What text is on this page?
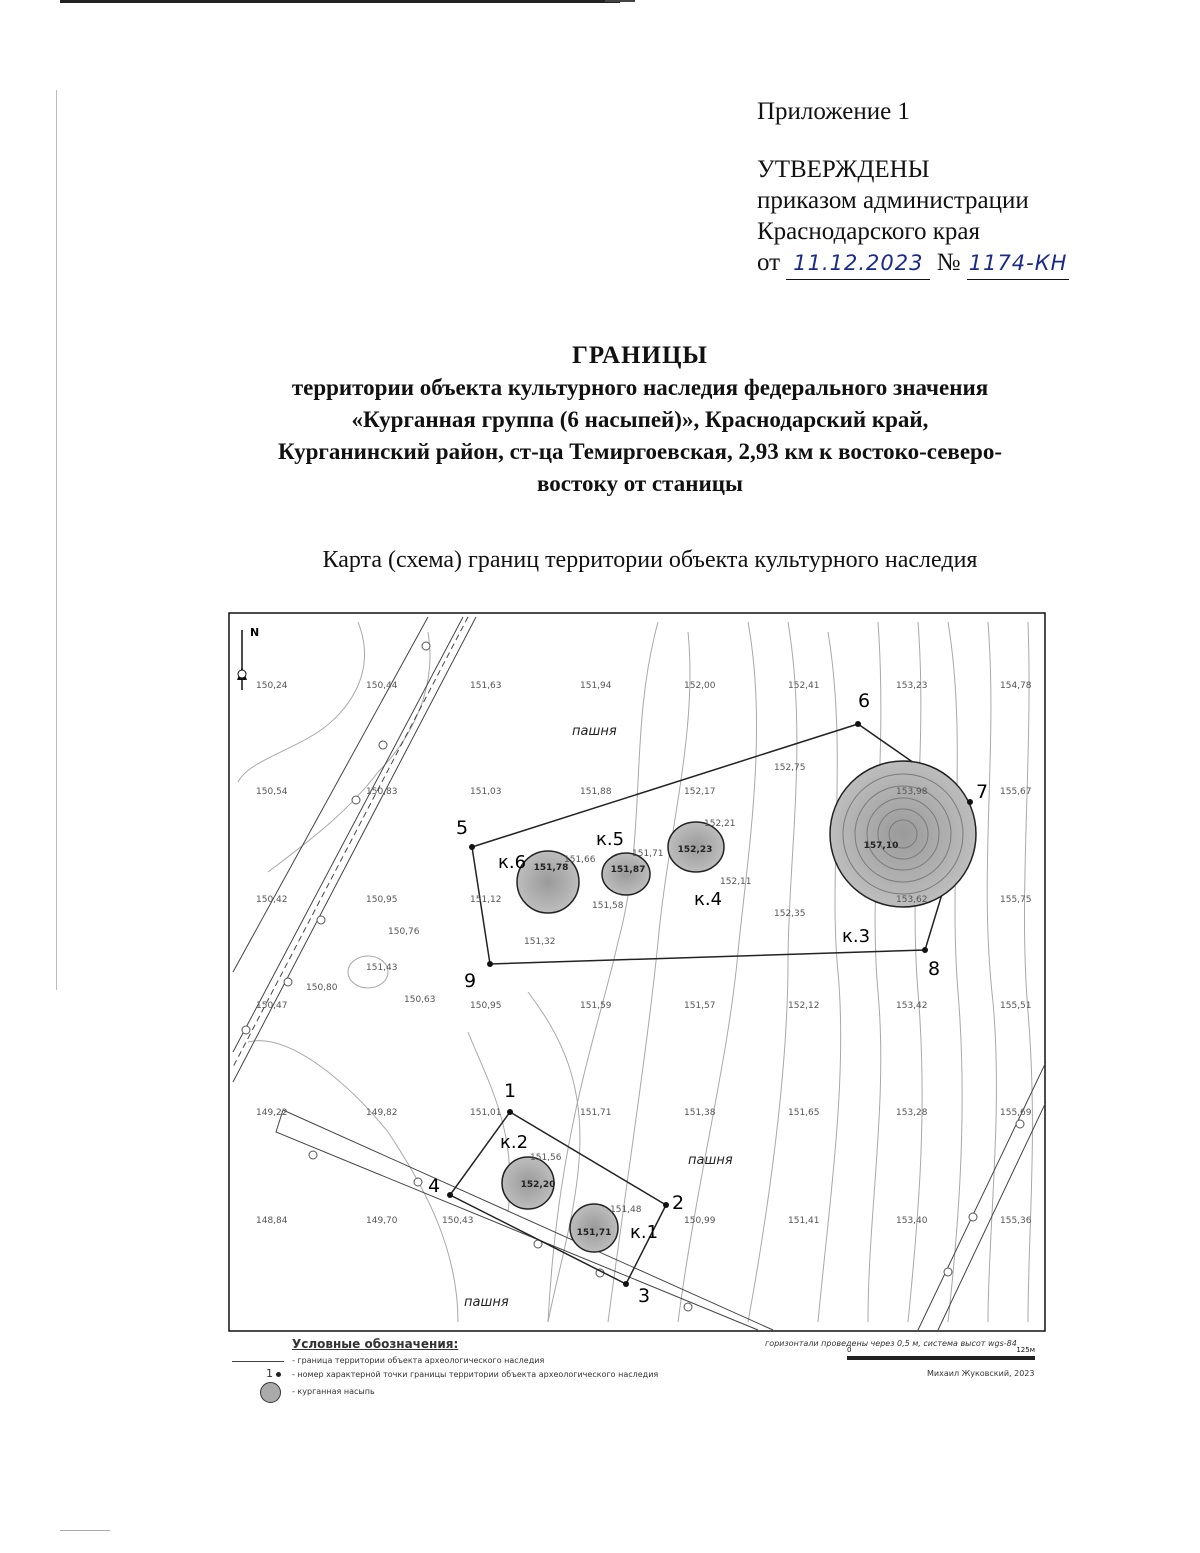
Приложение 1
УТВЕРЖДЕНЫ
приказом администрации
Краснодарского края
от 11.12.2023 № 1174-КН
ГРАНИЦЫ
территории объекта культурного наследия федерального значения
«Курганная группа (6 насыпей)», Краснодарский край,
Курганинский район, ст-ца Темиргоевская, 2,93 км к востоко-северо-
востоку от станицы
Карта (схема) границ территории объекта культурного наследия
N
1
2
3
4
5
6
7
8
9
к.1
к.2
к.3
к.4
к.5
к.6
151,71
152,20
157,10
152,23
151,87
151,78
150,24	150,44	151,63	151,94	152,00	152,41	153,23	154,78
150,54	150,83	151,03	151,88	152,17
152,75
153,98	155,67
152,21
151,71
151,66
152,11
151,12
151,58
152,35
153,62	155,75
150,42	150,95
150,76
151,43
150,80
151,32
150,47
150,63
150,95	151,59	151,57	152,12	153,42	155,51
149,22	149,82	151,01	151,71	151,38	151,65	153,28	155,69
151,56
151,48
148,84	149,70	150,43	150,99	151,41	153,40	155,36
пашня
пашня
пашня
Условные обозначения:
- граница территории объекта археологического наследия
1 - номер характерной точки границы территории объекта археологического наследия
- курганная насыпь
горизонтали проведены через 0,5 м, система высот wgs-84
0	125м
Михаил Жуковский, 2023
